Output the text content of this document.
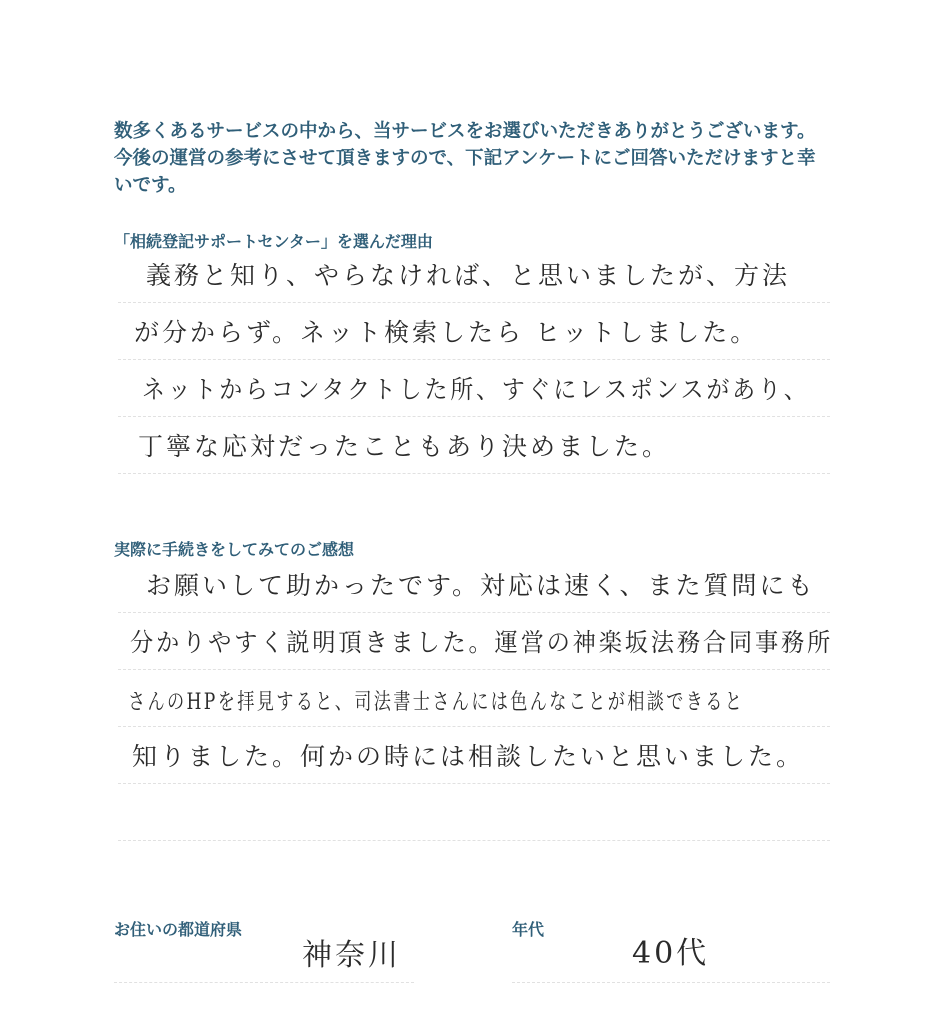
数多くあるサービスの中から、当サービスをお選びいただきありがとうございます。今後の運営の参考にさせて頂きますので、下記アンケートにご回答いただけますと幸いです。

「相続登記サポートセンター」を選んだ理由

義務と知り、やらなければ、と思いましたが、方法
が分からず。ネット検索したら ヒットしました。
ネットからコンタクトした所、すぐにレスポンスがあり、
丁寧な応対だったこともあり決めました。

実際に手続きをしてみてのご感想

お願いして助かったです。対応は速く、また質問にも
分かりやすく説明頂きました。運営の神楽坂法務合同事務所
さんのHPを拝見すると、司法書士さんには色んなことが相談できると
知りました。何かの時には相談したいと思いました。

お住いの都道府県

神奈川

年代

40代
